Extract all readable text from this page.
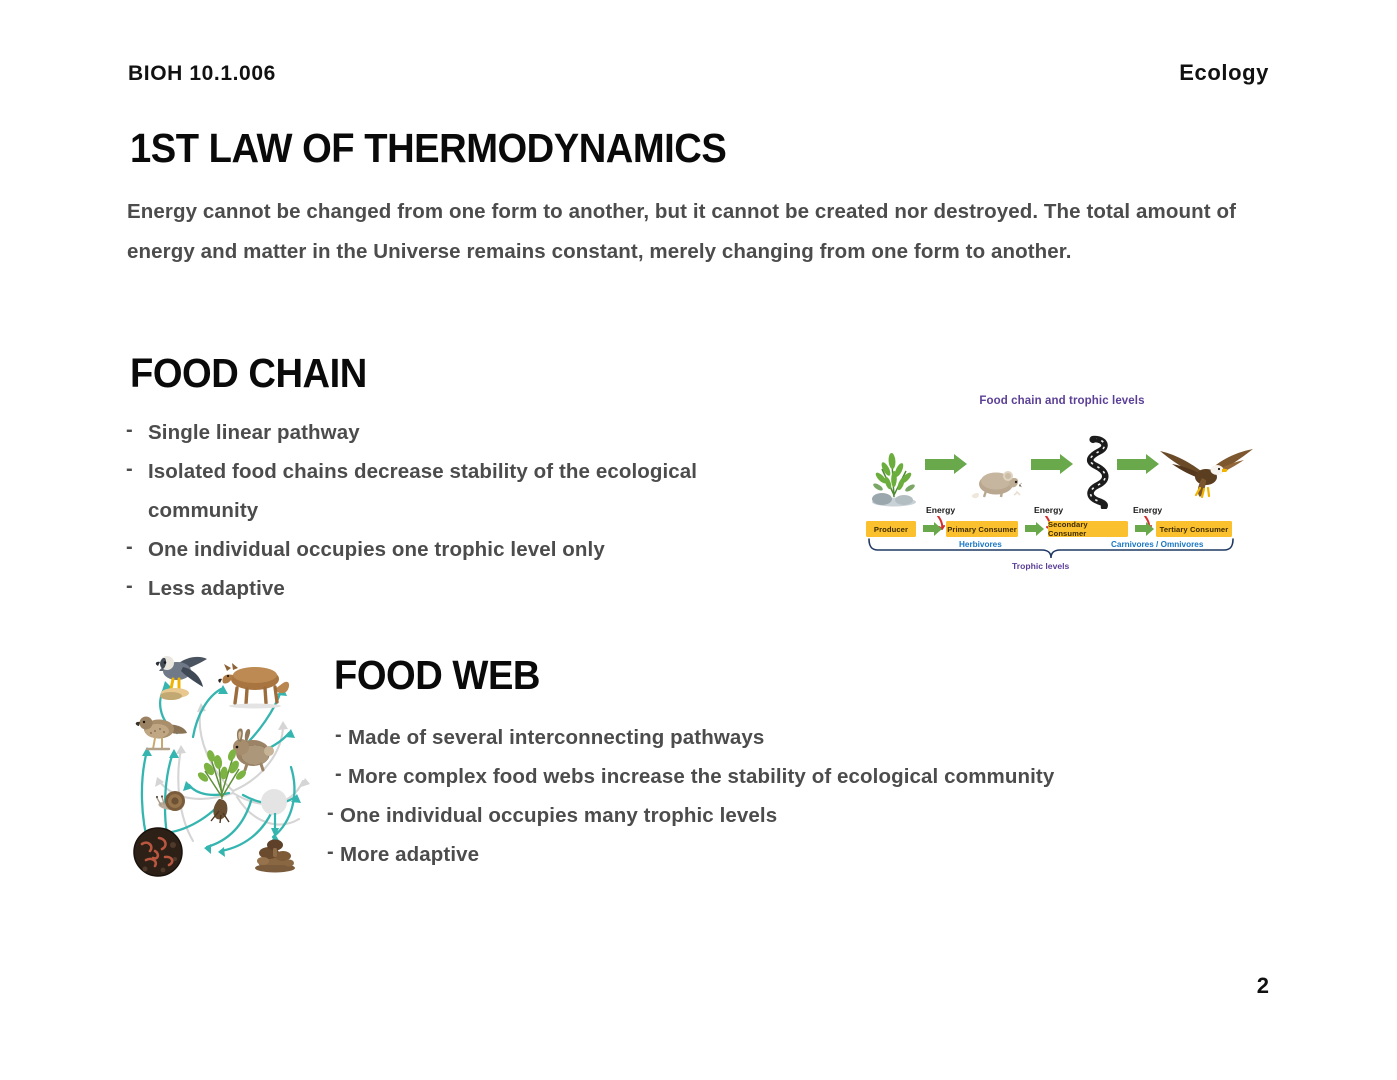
BIOH 10.1.006	Ecology
1ST LAW OF THERMODYNAMICS
Energy cannot be changed from one form to another, but it cannot be created nor destroyed. The total amount of energy and matter in the Universe remains constant, merely changing from one form to another.
FOOD CHAIN
- Single linear pathway
- Isolated food chains decrease stability of the ecological community
- One individual occupies one trophic level only
- Less adaptive
Food chain and trophic levels
Energy	Energy	Energy
Producer	Primary Consumer	Secondary Consumer	Tertiary Consumer
Herbivores	Carnivores / Omnivores
Trophic levels
FOOD WEB
- Made of several interconnecting pathways
- More complex food webs increase the stability of ecological community
- One individual occupies many trophic levels
- More adaptive
2
